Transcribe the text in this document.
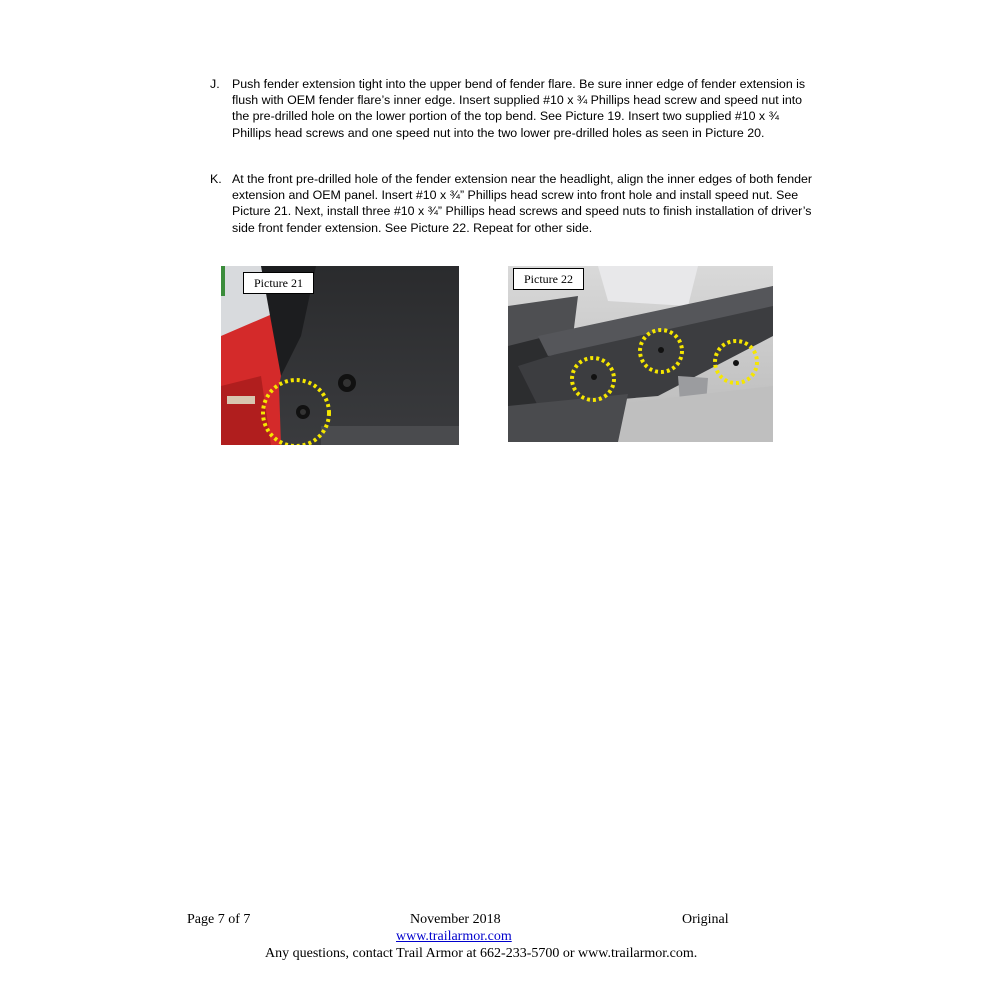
J. Push fender extension tight into the upper bend of fender flare. Be sure inner edge of fender extension is flush with OEM fender flare’s inner edge. Insert supplied #10 x ¾ Phillips head screw and speed nut into the pre-drilled hole on the lower portion of the top bend. See Picture 19. Insert two supplied #10 x ¾ Phillips head screws and one speed nut into the two lower pre-drilled holes as seen in Picture 20.
K. At the front pre-drilled hole of the fender extension near the headlight, align the inner edges of both fender extension and OEM panel. Insert #10 x ¾” Phillips head screw into front hole and install speed nut. See Picture 21. Next, install three #10 x ¾” Phillips head screws and speed nuts to finish installation of driver’s side front fender extension. See Picture 22. Repeat for other side.
Picture 21	Picture 22
Page 7 of 7	November 2018	Original
www.trailarmor.com
Any questions, contact Trail Armor at 662-233-5700 or www.trailarmor.com.
